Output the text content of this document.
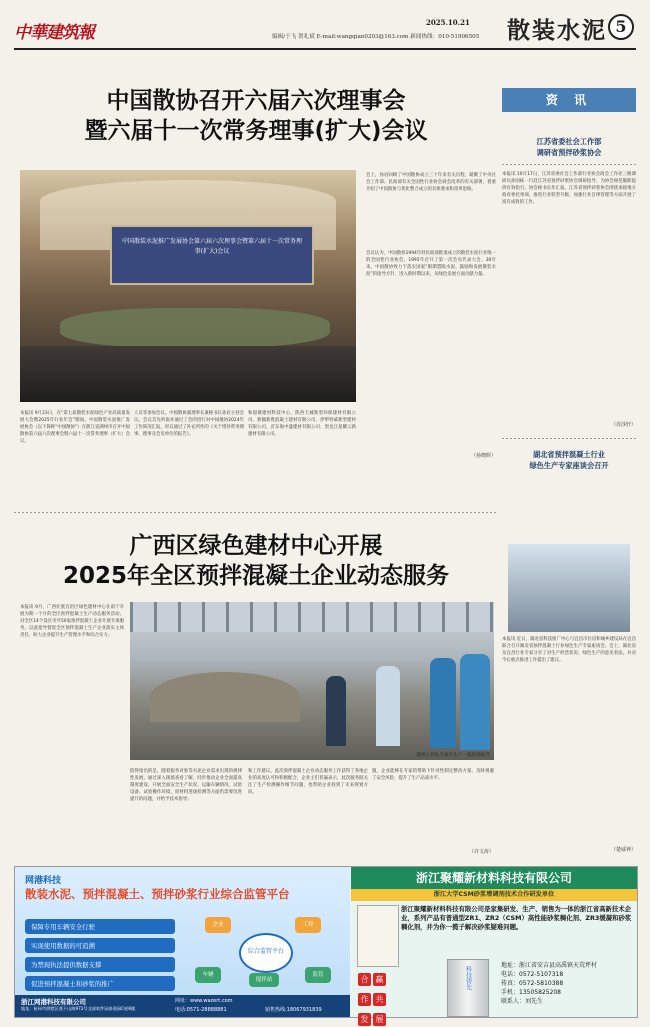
中華建筑報
2025.10.21
编辑/于飞 贺礼斌 E-mail:wangqian0203@163.com 新闻热线：010-51906505 散装水泥 5
中国散协召开六届六次理事会
暨六届十一次常务理事(扩大)会议
中国散装水泥推广发展协会第六届六次理事会暨第六届十一次常务理事(扩大)会议
本报讯 9月23日，在“第七届散装水泥绿色产业高质量发展大会暨2025年行业年会”期间，中国散装水泥推广发展协会（以下简称“中国散协”）在浙江省湖州市召开中国散协第六届六次理事会暨六届十一次常务理事（扩大）会议。
人员等参加会议。中国散协副理事长兼秘书长孙岩主持会议。会议首先听取并通过了会的进行对中国散协2024年工作简况汇报，审议通过了补充所作的《关于增补常务理事、理事及会员单位的报告》。
和船赛建材科技中心、陕西天城新型环保建材有限公司、新疆新胜混凝土建材有限公司、伊犁特威新型建材有限公司、沂东海中盛建材有限公司、黑龙江星耀云新建材有限公司。
会上，孙岩回顾了中国散协成立三十年来有关历程，凝聚了中央社会工作部、民政部有关全国性行业协会商会改革的有关部署，着重介绍了中国散协与优化整合成立的具体要求和改革思路。
会议认为，中国散协1994年经民政部批准成立的散装水泥行业唯一的全国性行业协会，1995年召开了第一次会员代表大会。30年来，中国散协致力于落实国家“限期禁限水泥、鼓励和发展散装水泥”的指导方针，进入新时期以来，从绿色发展方面贡献力量。
（孙晓晖）
广西区绿色建材中心开展
2025年全区预拌混凝土企业动态服务
本报讯 9月，广西壮族自治区绿色建材中心在南宁开展为期一个月的全区预拌混凝土生产动态服务活动，对全区14个设区市共50家预拌混凝土企业开展专项服务，以此指导督促全区预拌混凝土生产企业落实主体责任，助力企业提升生产管理水平和综合实力。
现场工作队专家在生产一线现场指导
值得指出的是，随着服务对象等水泥企业需求出现的规律性发展，通过深入现场查看了解，同步推动企业全面提高制度建设、开展全面安全生产状况、运输车辆情况、试验设备、试验操作环境、原材料进场检测等方面仍需要改进提升的问题，并给予技术指导。
和工作建议。此次预拌混凝土企业动态服务工作获得了各地企业的高度认可和积极配合，企业主们普遍表示，此次服务既关注了生产检测操作细节问题，也帮助企业找到了未来规划方向。
服，企业能够在专家的帮助下针对性制定整改方案，及时规避了安全风险，提升了生产品质水平。
（许文涛）
资 讯
江苏省委社会工作部
调研省预拌砂浆协会
本报讯 10月17日，江苏省委社会工作部行业协会商会工作处三级调研员孙国栋一行赴江苏省预拌砂浆协会调研指导，为协会规范履职提供有效指引。协会秘书长作汇报，江苏省预拌砂浆协会围绕承接地方政府委托事项、推进行业转型升级、加强行业自律管理等方面开展了富有成效的工作。
（苏莎轩）
湖北省预拌混凝土行业
绿色生产专家座谈会召开
本报讯 近日，湖北省科技推广中心与宜昌市住房和城乡建设局在宜昌联合召开湖北省预拌混凝土行业绿色生产专家座谈会。会上，湖北省及宜昌行业专家分享了对生产经营状况、绿色生产的意见看法，并对今后重点推进工作提出了建议。
（楚威神）
网港科技
散装水泥、预拌混凝土、预拌砂浆行业综合监管平台
保障专用车辆安全行驶
实现使用数据的可追溯
为禁现执法提供数据支撑
促进预拌混凝土和砂浆的推广
综合监管平台
企业	工程
车辆
搅拌站
监管
浙江网港科技有限公司
地址：杭州市拱墅区莫干山路972号北部软件园泰嘉园C座8楼
网址：www.wazert.com
电话:0571-28888881	销售热线:18067931839
浙江聚耀新材料科技有限公司
浙江大学CSM砂浆增调剂技术合作研发单位
浙江聚耀新材料科技有限公司是家集研发、生产、销售为一体的浙江省高新技术企业，系列产品有普通型ZR1、ZR2（CSM）高性能砂浆稠化剂、ZR3缓凝和砂浆稠化剂，并为你一揽子解决砂浆疑难问题。
合 赢作 共发 展
科技铸先
地址：浙江省安吉县高禹镇天荒坪村
电话：0572-5107318
传真：0572-5810388
手机：13505825208
联系人：刘先生
